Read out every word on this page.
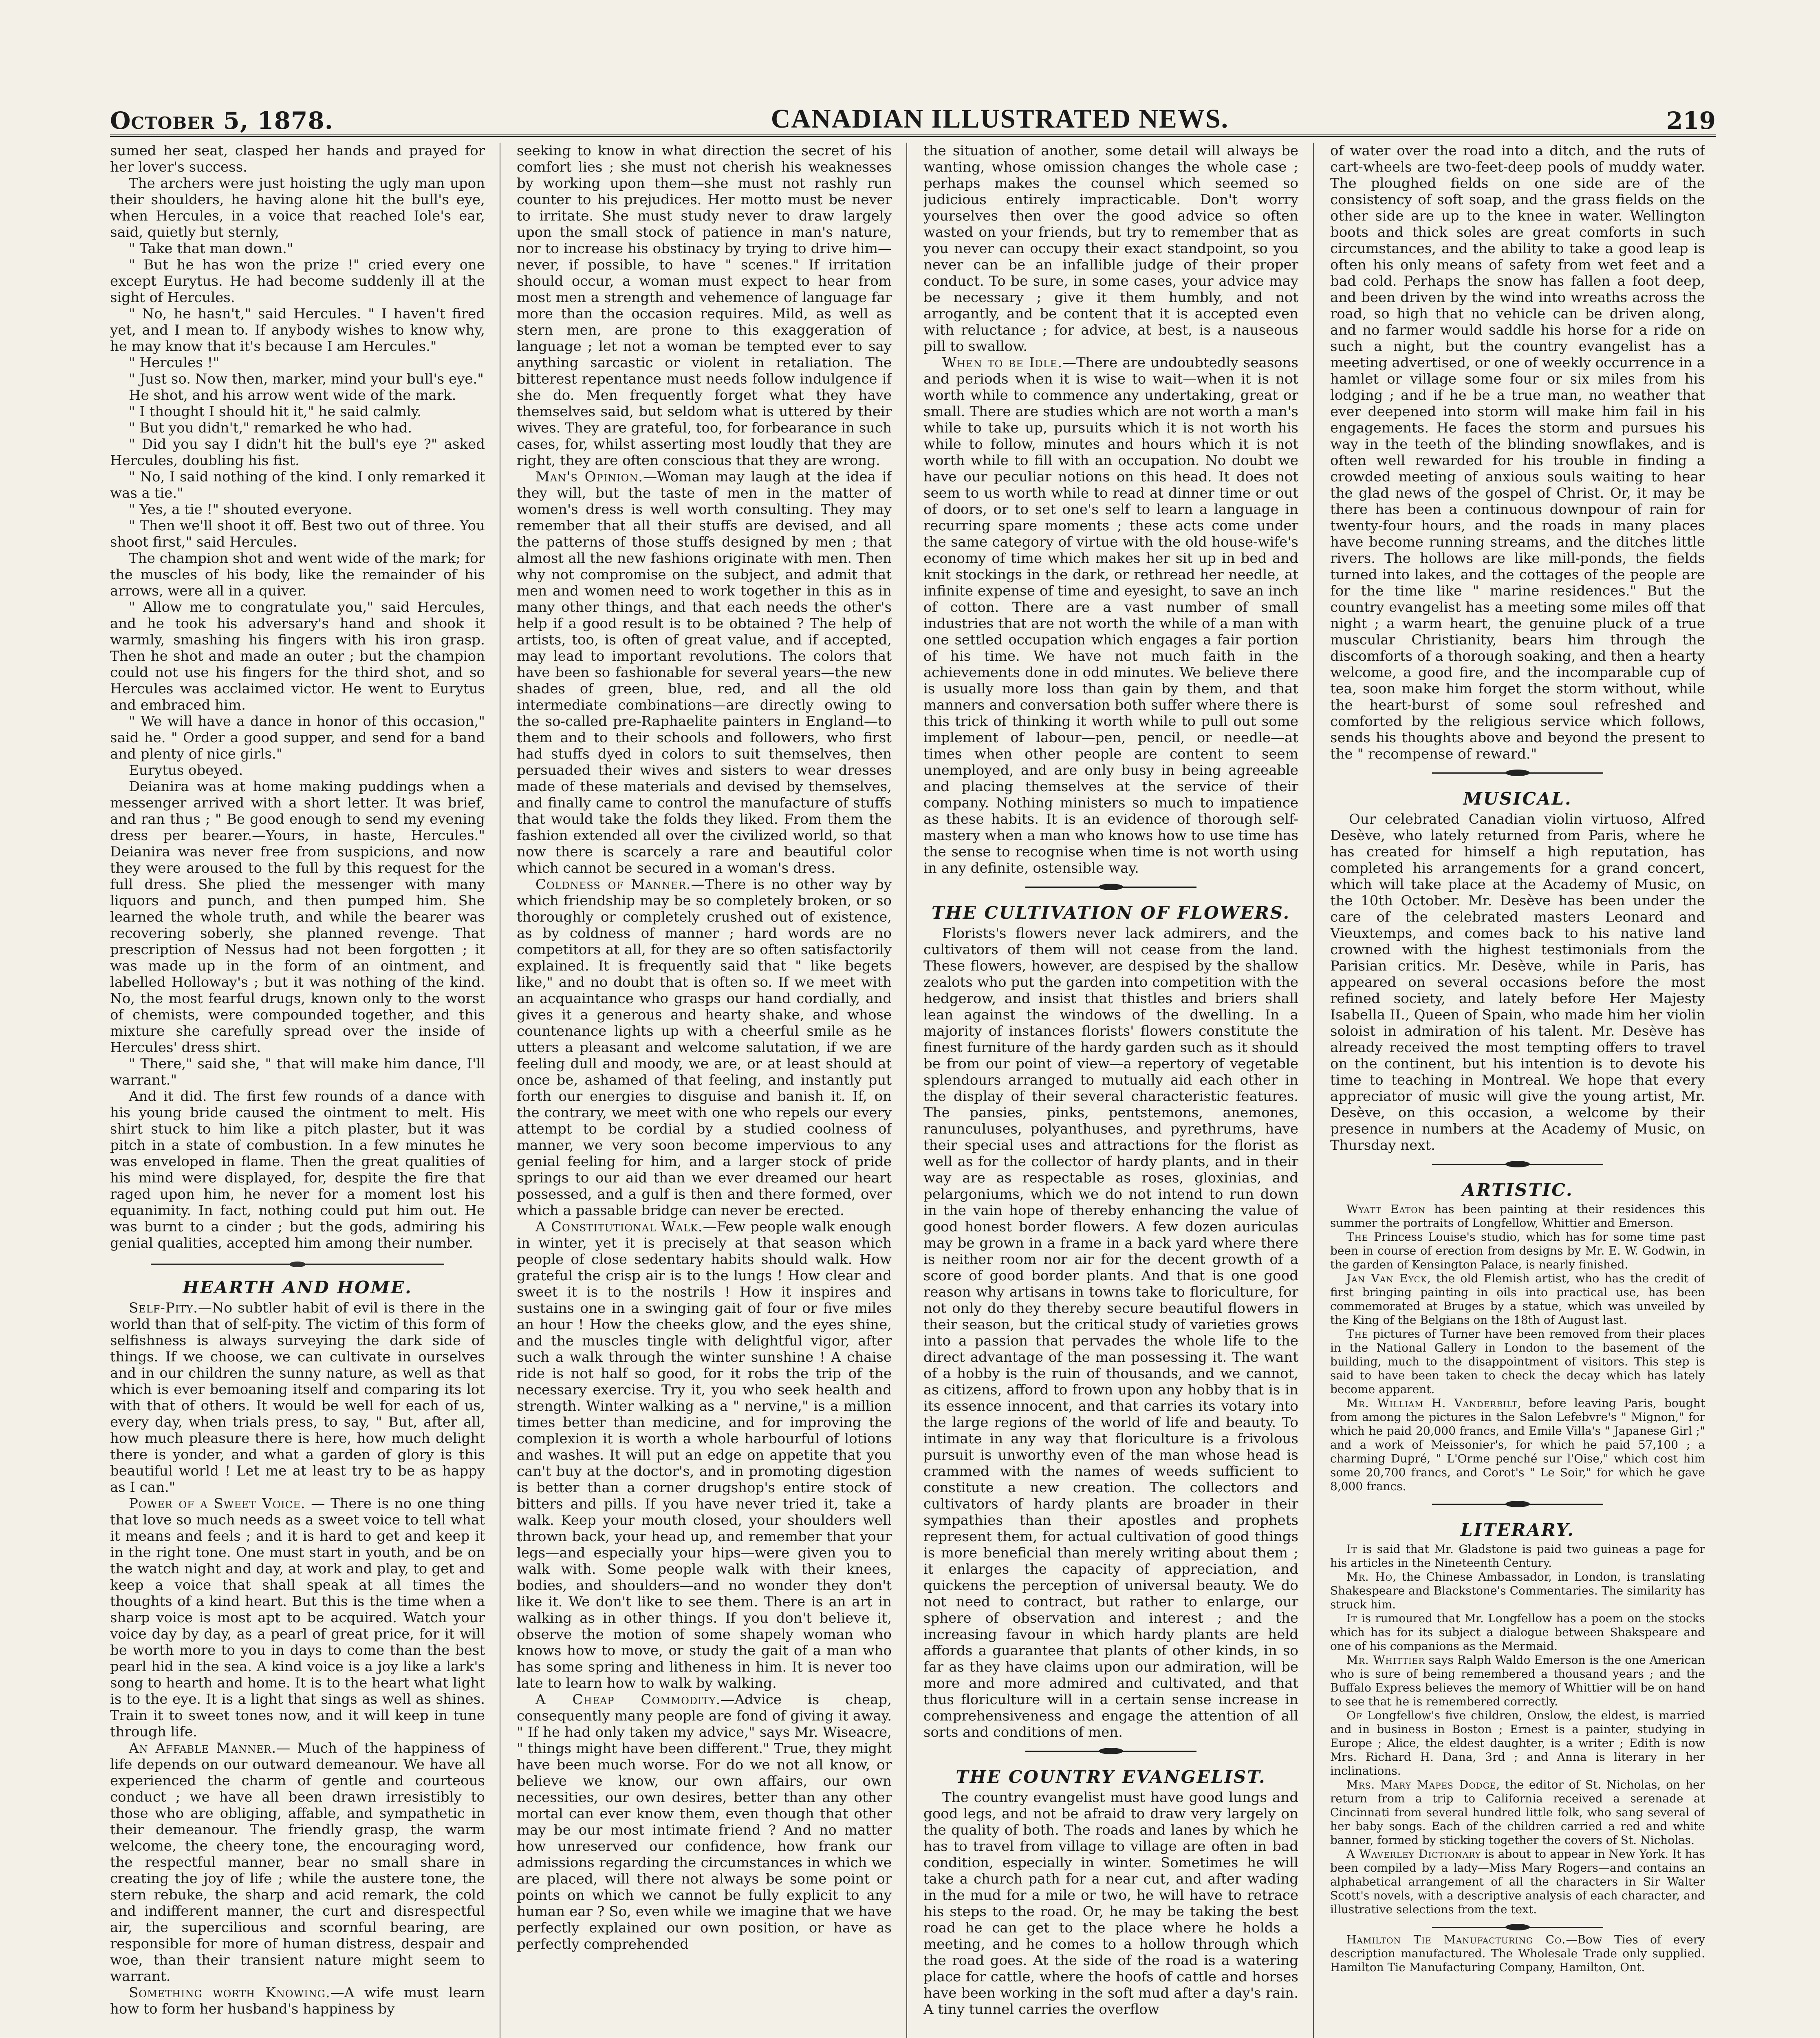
October 5, 1878.	CANADIAN ILLUSTRATED NEWS.	219

sumed her seat, clasped her hands and prayed for her lover's success.

The archers were just hoisting the ugly man upon their shoulders, he having alone hit the bull's eye, when Hercules, in a voice that reached Iole's ear, said, quietly but sternly,

" Take that man down."

" But he has won the prize !" cried every one except Eurytus. He had become suddenly ill at the sight of Hercules.

" No, he hasn't," said Hercules. " I haven't fired yet, and I mean to. If anybody wishes to know why, he may know that it's because I am Hercules."

" Hercules !"

" Just so. Now then, marker, mind your bull's eye."

He shot, and his arrow went wide of the mark.

" I thought I should hit it," he said calmly.

" But you didn't," remarked he who had.

" Did you say I didn't hit the bull's eye ?" asked Hercules, doubling his fist.

" No, I said nothing of the kind. I only remarked it was a tie."

" Yes, a tie !" shouted everyone.

" Then we'll shoot it off. Best two out of three. You shoot first," said Hercules.

The champion shot and went wide of the mark; for the muscles of his body, like the remainder of his arrows, were all in a quiver.

" Allow me to congratulate you," said Hercules, and he took his adversary's hand and shook it warmly, smashing his fingers with his iron grasp. Then he shot and made an outer ; but the champion could not use his fingers for the third shot, and so Hercules was acclaimed victor. He went to Eurytus and embraced him.

" We will have a dance in honor of this occasion," said he. " Order a good supper, and send for a band and plenty of nice girls."

Eurytus obeyed.

Deianira was at home making puddings when a messenger arrived with a short letter. It was brief, and ran thus ; " Be good enough to send my evening dress per bearer.—Yours, in haste, Hercules." Deianira was never free from suspicions, and now they were aroused to the full by this request for the full dress. She plied the messenger with many liquors and punch, and then pumped him. She learned the whole truth, and while the bearer was recovering soberly, she planned revenge. That prescription of Nessus had not been forgotten ; it was made up in the form of an ointment, and labelled Holloway's ; but it was nothing of the kind. No, the most fearful drugs, known only to the worst of chemists, were compounded together, and this mixture she carefully spread over the inside of Hercules' dress shirt.

" There," said she, " that will make him dance, I'll warrant."

And it did. The first few rounds of a dance with his young bride caused the ointment to melt. His shirt stuck to him like a pitch plaster, but it was pitch in a state of combustion. In a few minutes he was enveloped in flame. Then the great qualities of his mind were displayed, for, despite the fire that raged upon him, he never for a moment lost his equanimity. In fact, nothing could put him out. He was burnt to a cinder ; but the gods, admiring his genial qualities, accepted him among their number.

HEARTH AND HOME.

Self-Pity.—No subtler habit of evil is there in the world than that of self-pity. The victim of this form of selfishness is always surveying the dark side of things. If we choose, we can cultivate in ourselves and in our children the sunny nature, as well as that which is ever bemoaning itself and comparing its lot with that of others. It would be well for each of us, every day, when trials press, to say, " But, after all, how much pleasure there is here, how much delight there is yonder, and what a garden of glory is this beautiful world ! Let me at least try to be as happy as I can."

Power of a Sweet Voice. — There is no one thing that love so much needs as a sweet voice to tell what it means and feels ; and it is hard to get and keep it in the right tone. One must start in youth, and be on the watch night and day, at work and play, to get and keep a voice that shall speak at all times the thoughts of a kind heart. But this is the time when a sharp voice is most apt to be acquired. Watch your voice day by day, as a pearl of great price, for it will be worth more to you in days to come than the best pearl hid in the sea. A kind voice is a joy like a lark's song to hearth and home. It is to the heart what light is to the eye. It is a light that sings as well as shines. Train it to sweet tones now, and it will keep in tune through life.

An Affable Manner.— Much of the happiness of life depends on our outward demeanour. We have all experienced the charm of gentle and courteous conduct ; we have all been drawn irresistibly to those who are obliging, affable, and sympathetic in their demeanour. The friendly grasp, the warm welcome, the cheery tone, the encouraging word, the respectful manner, bear no small share in creating the joy of life ; while the austere tone, the stern rebuke, the sharp and acid remark, the cold and indifferent manner, the curt and disrespectful air, the supercilious and scornful bearing, are responsible for more of human distress, despair and woe, than their transient nature might seem to warrant.

Something worth Knowing.—A wife must learn how to form her husband's happiness by

seeking to know in what direction the secret of his comfort lies ; she must not cherish his weaknesses by working upon them—she must not rashly run counter to his prejudices. Her motto must be never to irritate. She must study never to draw largely upon the small stock of patience in man's nature, nor to increase his obstinacy by trying to drive him—never, if possible, to have " scenes." If irritation should occur, a woman must expect to hear from most men a strength and vehemence of language far more than the occasion requires. Mild, as well as stern men, are prone to this exaggeration of language ; let not a woman be tempted ever to say anything sarcastic or violent in retaliation. The bitterest repentance must needs follow indulgence if she do. Men frequently forget what they have themselves said, but seldom what is uttered by their wives. They are grateful, too, for forbearance in such cases, for, whilst asserting most loudly that they are right, they are often conscious that they are wrong.

Man's Opinion.—Woman may laugh at the idea if they will, but the taste of men in the matter of women's dress is well worth consulting. They may remember that all their stuffs are devised, and all the patterns of those stuffs designed by men ; that almost all the new fashions originate with men. Then why not compromise on the subject, and admit that men and women need to work together in this as in many other things, and that each needs the other's help if a good result is to be obtained ? The help of artists, too, is often of great value, and if accepted, may lead to important revolutions. The colors that have been so fashionable for several years—the new shades of green, blue, red, and all the old intermediate combinations—are directly owing to the so-called pre-Raphaelite painters in England—to them and to their schools and followers, who first had stuffs dyed in colors to suit themselves, then persuaded their wives and sisters to wear dresses made of these materials and devised by themselves, and finally came to control the manufacture of stuffs that would take the folds they liked. From them the fashion extended all over the civilized world, so that now there is scarcely a rare and beautiful color which cannot be secured in a woman's dress.

Coldness of Manner.—There is no other way by which friendship may be so completely broken, or so thoroughly or completely crushed out of existence, as by coldness of manner ; hard words are no competitors at all, for they are so often satisfactorily explained. It is frequently said that " like begets like," and no doubt that is often so. If we meet with an acquaintance who grasps our hand cordially, and gives it a generous and hearty shake, and whose countenance lights up with a cheerful smile as he utters a pleasant and welcome salutation, if we are feeling dull and moody, we are, or at least should at once be, ashamed of that feeling, and instantly put forth our energies to disguise and banish it. If, on the contrary, we meet with one who repels our every attempt to be cordial by a studied coolness of manner, we very soon become impervious to any genial feeling for him, and a larger stock of pride springs to our aid than we ever dreamed our heart possessed, and a gulf is then and there formed, over which a passable bridge can never be erected.

A Constitutional Walk.—Few people walk enough in winter, yet it is precisely at that season which people of close sedentary habits should walk. How grateful the crisp air is to the lungs ! How clear and sweet it is to the nostrils ! How it inspires and sustains one in a swinging gait of four or five miles an hour ! How the cheeks glow, and the eyes shine, and the muscles tingle with delightful vigor, after such a walk through the winter sunshine ! A chaise ride is not half so good, for it robs the trip of the necessary exercise. Try it, you who seek health and strength. Winter walking as a " nervine," is a million times better than medicine, and for improving the complexion it is worth a whole harbourful of lotions and washes. It will put an edge on appetite that you can't buy at the doctor's, and in promoting digestion is better than a corner drugshop's entire stock of bitters and pills. If you have never tried it, take a walk. Keep your mouth closed, your shoulders well thrown back, your head up, and remember that your legs—and especially your hips—were given you to walk with. Some people walk with their knees, bodies, and shoulders—and no wonder they don't like it. We don't like to see them. There is an art in walking as in other things. If you don't believe it, observe the motion of some shapely woman who knows how to move, or study the gait of a man who has some spring and litheness in him. It is never too late to learn how to walk by walking.

A Cheap Commodity.—Advice is cheap, consequently many people are fond of giving it away. " If he had only taken my advice," says Mr. Wiseacre, " things might have been different." True, they might have been much worse. For do we not all know, or believe we know, our own affairs, our own necessities, our own desires, better than any other mortal can ever know them, even though that other may be our most intimate friend ? And no matter how unreserved our confidence, how frank our admissions regarding the circumstances in which we are placed, will there not always be some point or points on which we cannot be fully explicit to any human ear ? So, even while we imagine that we have perfectly explained our own position, or have as perfectly comprehended

the situation of another, some detail will always be wanting, whose omission changes the whole case ; perhaps makes the counsel which seemed so judicious entirely impracticable. Don't worry yourselves then over the good advice so often wasted on your friends, but try to remember that as you never can occupy their exact standpoint, so you never can be an infallible judge of their proper conduct. To be sure, in some cases, your advice may be necessary ; give it them humbly, and not arrogantly, and be content that it is accepted even with reluctance ; for advice, at best, is a nauseous pill to swallow.

When to be Idle.—There are undoubtedly seasons and periods when it is wise to wait—when it is not worth while to commence any undertaking, great or small. There are studies which are not worth a man's while to take up, pursuits which it is not worth his while to follow, minutes and hours which it is not worth while to fill with an occupation. No doubt we have our peculiar notions on this head. It does not seem to us worth while to read at dinner time or out of doors, or to set one's self to learn a language in recurring spare moments ; these acts come under the same category of virtue with the old house-wife's economy of time which makes her sit up in bed and knit stockings in the dark, or rethread her needle, at infinite expense of time and eyesight, to save an inch of cotton. There are a vast number of small industries that are not worth the while of a man with one settled occupation which engages a fair portion of his time. We have not much faith in the achievements done in odd minutes. We believe there is usually more loss than gain by them, and that manners and conversation both suffer where there is this trick of thinking it worth while to pull out some implement of labour—pen, pencil, or needle—at times when other people are content to seem unemployed, and are only busy in being agreeable and placing themselves at the service of their company. Nothing ministers so much to impatience as these habits. It is an evidence of thorough self-mastery when a man who knows how to use time has the sense to recognise when time is not worth using in any definite, ostensible way.

THE CULTIVATION OF FLOWERS.

Florists's flowers never lack admirers, and the cultivators of them will not cease from the land. These flowers, however, are despised by the shallow zealots who put the garden into competition with the hedgerow, and insist that thistles and briers shall lean against the windows of the dwelling. In a majority of instances florists' flowers constitute the finest furniture of the hardy garden such as it should be from our point of view—a repertory of vegetable splendours arranged to mutually aid each other in the display of their several characteristic features. The pansies, pinks, pentstemons, anemones, ranunculuses, polyanthuses, and pyrethrums, have their special uses and attractions for the florist as well as for the collector of hardy plants, and in their way are as respectable as roses, gloxinias, and pelargoniums, which we do not intend to run down in the vain hope of thereby enhancing the value of good honest border flowers. A few dozen auriculas may be grown in a frame in a back yard where there is neither room nor air for the decent growth of a score of good border plants. And that is one good reason why artisans in towns take to floriculture, for not only do they thereby secure beautiful flowers in their season, but the critical study of varieties grows into a passion that pervades the whole life to the direct advantage of the man possessing it. The want of a hobby is the ruin of thousands, and we cannot, as citizens, afford to frown upon any hobby that is in its essence innocent, and that carries its votary into the large regions of the world of life and beauty. To intimate in any way that floriculture is a frivolous pursuit is unworthy even of the man whose head is crammed with the names of weeds sufficient to constitute a new creation. The collectors and cultivators of hardy plants are broader in their sympathies than their apostles and prophets represent them, for actual cultivation of good things is more beneficial than merely writing about them ; it enlarges the capacity of appreciation, and quickens the perception of universal beauty. We do not need to contract, but rather to enlarge, our sphere of observation and interest ; and the increasing favour in which hardy plants are held affords a guarantee that plants of other kinds, in so far as they have claims upon our admiration, will be more and more admired and cultivated, and that thus floriculture will in a certain sense increase in comprehensiveness and engage the attention of all sorts and conditions of men.

THE COUNTRY EVANGELIST.

The country evangelist must have good lungs and good legs, and not be afraid to draw very largely on the quality of both. The roads and lanes by which he has to travel from village to village are often in bad condition, especially in winter. Sometimes he will take a church path for a near cut, and after wading in the mud for a mile or two, he will have to retrace his steps to the road. Or, he may be taking the best road he can get to the place where he holds a meeting, and he comes to a hollow through which the road goes. At the side of the road is a watering place for cattle, where the hoofs of cattle and horses have been working in the soft mud after a day's rain. A tiny tunnel carries the overflow

of water over the road into a ditch, and the ruts of cart-wheels are two-feet-deep pools of muddy water. The ploughed fields on one side are of the consistency of soft soap, and the grass fields on the other side are up to the knee in water. Wellington boots and thick soles are great comforts in such circumstances, and the ability to take a good leap is often his only means of safety from wet feet and a bad cold. Perhaps the snow has fallen a foot deep, and been driven by the wind into wreaths across the road, so high that no vehicle can be driven along, and no farmer would saddle his horse for a ride on such a night, but the country evangelist has a meeting advertised, or one of weekly occurrence in a hamlet or village some four or six miles from his lodging ; and if he be a true man, no weather that ever deepened into storm will make him fail in his engagements. He faces the storm and pursues his way in the teeth of the blinding snowflakes, and is often well rewarded for his trouble in finding a crowded meeting of anxious souls waiting to hear the glad news of the gospel of Christ. Or, it may be there has been a continuous downpour of rain for twenty-four hours, and the roads in many places have become running streams, and the ditches little rivers. The hollows are like mill-ponds, the fields turned into lakes, and the cottages of the people are for the time like " marine residences." But the country evangelist has a meeting some miles off that night ; a warm heart, the genuine pluck of a true muscular Christianity, bears him through the discomforts of a thorough soaking, and then a hearty welcome, a good fire, and the incomparable cup of tea, soon make him forget the storm without, while the heart-burst of some soul refreshed and comforted by the religious service which follows, sends his thoughts above and beyond the present to the " recompense of reward."

MUSICAL.

Our celebrated Canadian violin virtuoso, Alfred Desève, who lately returned from Paris, where he has created for himself a high reputation, has completed his arrangements for a grand concert, which will take place at the Academy of Music, on the 10th October. Mr. Desève has been under the care of the celebrated masters Leonard and Vieuxtemps, and comes back to his native land crowned with the highest testimonials from the Parisian critics. Mr. Desève, while in Paris, has appeared on several occasions before the most refined society, and lately before Her Majesty Isabella II., Queen of Spain, who made him her violin soloist in admiration of his talent. Mr. Desève has already received the most tempting offers to travel on the continent, but his intention is to devote his time to teaching in Montreal. We hope that every appreciator of music will give the young artist, Mr. Desève, on this occasion, a welcome by their presence in numbers at the Academy of Music, on Thursday next.

ARTISTIC.

Wyatt Eaton has been painting at their residences this summer the portraits of Longfellow, Whittier and Emerson.

The Princess Louise's studio, which has for some time past been in course of erection from designs by Mr. E. W. Godwin, in the garden of Kensington Palace, is nearly finished.

Jan Van Eyck, the old Flemish artist, who has the credit of first bringing painting in oils into practical use, has been commemorated at Bruges by a statue, which was unveiled by the King of the Belgians on the 18th of August last.

The pictures of Turner have been removed from their places in the National Gallery in London to the basement of the building, much to the disappointment of visitors. This step is said to have been taken to check the decay which has lately become apparent.

Mr. William H. Vanderbilt, before leaving Paris, bought from among the pictures in the Salon Lefebvre's " Mignon," for which he paid 20,000 francs, and Emile Villa's " Japanese Girl ;" and a work of Meissonier's, for which he paid 57,100 ; a charming Dupré, " L'Orme penché sur l'Oise," which cost him some 20,700 francs, and Corot's " Le Soir," for which he gave 8,000 francs.

LITERARY.

It is said that Mr. Gladstone is paid two guineas a page for his articles in the Nineteenth Century.

Mr. Ho, the Chinese Ambassador, in London, is translating Shakespeare and Blackstone's Commentaries. The similarity has struck him.

It is rumoured that Mr. Longfellow has a poem on the stocks which has for its subject a dialogue between Shakspeare and one of his companions as the Mermaid.

Mr. Whittier says Ralph Waldo Emerson is the one American who is sure of being remembered a thousand years ; and the Buffalo Express believes the memory of Whittier will be on hand to see that he is remembered correctly.

Of Longfellow's five children, Onslow, the eldest, is married and in business in Boston ; Ernest is a painter, studying in Europe ; Alice, the eldest daughter, is a writer ; Edith is now Mrs. Richard H. Dana, 3rd ; and Anna is literary in her inclinations.

Mrs. Mary Mapes Dodge, the editor of St. Nicholas, on her return from a trip to California received a serenade at Cincinnati from several hundred little folk, who sang several of her baby songs. Each of the children carried a red and white banner, formed by sticking together the covers of St. Nicholas.

A Waverley Dictionary is about to appear in New York. It has been compiled by a lady—Miss Mary Rogers—and contains an alphabetical arrangement of all the characters in Sir Walter Scott's novels, with a descriptive analysis of each character, and illustrative selections from the text.

Hamilton Tie Manufacturing Co.—Bow Ties of every description manufactured. The Wholesale Trade only supplied. Hamilton Tie Manufacturing Company, Hamilton, Ont.
